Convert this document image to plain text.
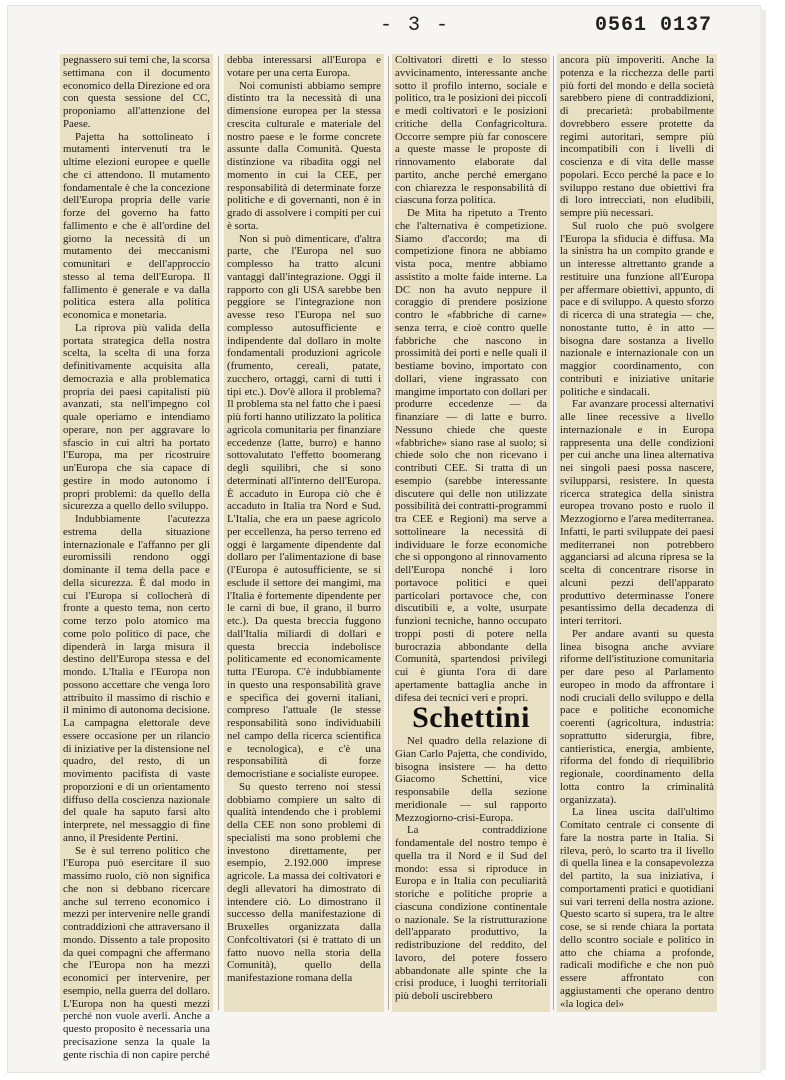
- 3 -	0561 0137

pegnassero sui temi che, la scorsa settimana con il documento economico della Direzione ed ora con questa sessione del CC, proponiamo all'attenzione del Paese.

Pajetta ha sottolineato i mutamenti intervenuti tra le ultime elezioni europee e quelle che ci attendono. Il mutamento fondamentale è che la concezione dell'Europa propria delle varie forze del governo ha fatto fallimento e che è all'ordine del giorno la necessità di un mutamento dei meccanismi comunitari e dell'approccio stesso al tema dell'Europa. Il fallimento è generale e va dalla politica estera alla politica economica e monetaria.

La riprova più valida della portata strategica della nostra scelta, la scelta di una forza definitivamente acquisita alla democrazia e alla problematica propria dei paesi capitalisti più avanzati, sta nell'impegno col quale operiamo e intendiamo operare, non per aggravare lo sfascio in cui altri ha portato l'Europa, ma per ricostruire un'Europa che sia capace di gestire in modo autonomo i propri problemi: da quello della sicurezza a quello dello sviluppo.

Indubbiamente l'acutezza estrema della situazione internazionale e l'affanno per gli euromissili rendono oggi dominante il tema della pace e della sicurezza. È dal modo in cui l'Europa si collocherà di fronte a questo tema, non certo come terzo polo atomico ma come polo politico di pace, che dipenderà in larga misura il destino dell'Europa stessa e del mondo. L'Italia e l'Europa non possono accettare che venga loro attribuito il massimo di rischio e il minimo di autonoma decisione. La campagna elettorale deve essere occasione per un rilancio di iniziative per la distensione nel quadro, del resto, di un movimento pacifista di vaste proporzioni e di un orientamento diffuso della coscienza nazionale del quale ha saputo farsi alto interprete, nel messaggio di fine anno, il Presidente Pertini.

Se è sul terreno politico che l'Europa può esercitare il suo massimo ruolo, ciò non significa che non si debbano ricercare anche sul terreno economico i mezzi per intervenire nelle grandi contraddizioni che attraversano il mondo. Dissento a tale proposito da quei compagni che affermano che l'Europa non ha mezzi economici per intervenire, per esempio, nella guerra del dollaro. L'Europa non ha questi mezzi perché non vuole averli. Anche a questo proposito è necessaria una precisazione senza la quale la gente rischia di non capire perché

debba interessarsi all'Europa e votare per una certa Europa.

Noi comunisti abbiamo sempre distinto tra la necessità di una dimensione europea per la stessa crescita culturale e materiale del nostro paese e le forme concrete assunte dalla Comunità. Questa distinzione va ribadita oggi nel momento in cui la CEE, per responsabilità di determinate forze politiche e di governanti, non è in grado di assolvere i compiti per cui è sorta.

Non si può dimenticare, d'altra parte, che l'Europa nel suo complesso ha tratto alcuni vantaggi dall'integrazione. Oggi il rapporto con gli USA sarebbe ben peggiore se l'integrazione non avesse reso l'Europa nel suo complesso autosufficiente e indipendente dal dollaro in molte fondamentali produzioni agricole (frumento, cereali, patate, zucchero, ortaggi, carni di tutti i tipi etc.). Dov'è allora il problema? Il problema sta nel fatto che i paesi più forti hanno utilizzato la politica agricola comunitaria per finanziare eccedenze (latte, burro) e hanno sottovalutato l'effetto boomerang degli squilibri, che si sono determinati all'interno dell'Europa. È accaduto in Europa ciò che è accaduto in Italia tra Nord e Sud. L'Italia, che era un paese agricolo per eccellenza, ha perso terreno ed oggi è largamente dipendente dal dollaro per l'alimentazione di base (l'Europa è autosufficiente, se si esclude il settore dei mangimi, ma l'Italia è fortemente dipendente per le carni di bue, il grano, il burro etc.). Da questa breccia fuggono dall'Italia miliardi di dollari e questa breccia indebolisce politicamente ed economicamente tutta l'Europa. C'è indubbiamente in questo una responsabilità grave e specifica dei governi italiani, compreso l'attuale (le stesse responsabilità sono individuabili nel campo della ricerca scientifica e tecnologica), e c'è una responsabilità di forze democristiane e socialiste europee.

Su questo terreno noi stessi dobbiamo compiere un salto di qualità intendendo che i problemi della CEE non sono problemi di specialisti ma sono problemi che investono direttamente, per esempio, 2.192.000 imprese agricole. La massa dei coltivatori e degli allevatori ha dimostrato di intendere ciò. Lo dimostrano il successo della manifestazione di Bruxelles organizzata dalla Confcoltivatori (si è trattato di un fatto nuovo nella storia della Comunità), quello della manifestazione romana della

Coltivatori diretti e lo stesso avvicinamento, interessante anche sotto il profilo interno, sociale e politico, tra le posizioni dei piccoli e medi coltivatori e le posizioni critiche della Confagricoltura. Occorre sempre più far conoscere a queste masse le proposte di rinnovamento elaborate dal partito, anche perché emergano con chiarezza le responsabilità di ciascuna forza politica.

De Mita ha ripetuto a Trento che l'alternativa è competizione. Siamo d'accordo; ma di competizione finora ne abbiamo vista poca, mentre abbiamo assistito a molte faide interne. La DC non ha avuto neppure il coraggio di prendere posizione contro le «fabbriche di carne» senza terra, e cioè contro quelle fabbriche che nascono in prossimità dei porti e nelle quali il bestiame bovino, importato con dollari, viene ingrassato con mangime importato con dollari per produrre eccedenze — da finanziare — di latte e burro. Nessuno chiede che queste «fabbriche» siano rase al suolo; si chiede solo che non ricevano i contributi CEE. Si tratta di un esempio (sarebbe interessante discutere qui delle non utilizzate possibilità dei contratti-programmi tra CEE e Regioni) ma serve a sottolineare la necessità di individuare le forze economiche che si oppongono al rinnovamento dell'Europa nonché i loro portavoce politici e quei particolari portavoce che, con discutibili e, a volte, usurpate funzioni tecniche, hanno occupato troppi posti di potere nella burocrazia abbondante della Comunità, spartendosi privilegi cui è giunta l'ora di dare apertamente battaglia anche in difesa dei tecnici veri e propri.

Schettini

Nel quadro della relazione di Gian Carlo Pajetta, che condivido, bisogna insistere — ha detto Giacomo Schettini, vice responsabile della sezione meridionale — sul rapporto Mezzogiorno-crisi-Europa.

La contraddizione fondamentale del nostro tempo è quella tra il Nord e il Sud del mondo: essa si riproduce in Europa e in Italia con peculiarità storiche e politiche proprie a ciascuna condizione continentale o nazionale. Se la ristrutturazione dell'apparato produttivo, la redistribuzione del reddito, del lavoro, del potere fossero abbandonate alle spinte che la crisi produce, i luoghi territoriali più deboli uscirebbero

ancora più impoveriti. Anche la potenza e la ricchezza delle parti più forti del mondo e della società sarebbero piene di contraddizioni, di precarietà: probabilmente dovrebbero essere protette da regimi autoritari, sempre più incompatibili con i livelli di coscienza e di vita delle masse popolari. Ecco perché la pace e lo sviluppo restano due obiettivi fra di loro intrecciati, non eludibili, sempre più necessari.

Sul ruolo che può svolgere l'Europa la sfiducia è diffusa. Ma la sinistra ha un compito grande e un interesse altrettanto grande a restituire una funzione all'Europa per affermare obiettivi, appunto, di pace e di sviluppo. A questo sforzo di ricerca di una strategia — che, nonostante tutto, è in atto — bisogna dare sostanza a livello nazionale e internazionale con un maggior coordinamento, con contributi e iniziative unitarie politiche e sindacali.

Far avanzare processi alternativi alle linee recessive a livello internazionale e in Europa rappresenta una delle condizioni per cui anche una linea alternativa nei singoli paesi possa nascere, svilupparsi, resistere. In questa ricerca strategica della sinistra europea trovano posto e ruolo il Mezzogiorno e l'area mediterranea. Infatti, le parti sviluppate dei paesi mediterranei non potrebbero agganciarsi ad alcuna ripresa se la scelta di concentrare risorse in alcuni pezzi dell'apparato produttivo determinasse l'onere pesantissimo della decadenza di interi territori.

Per andare avanti su questa linea bisogna anche avviare riforme dell'istituzione comunitaria per dare peso al Parlamento europeo in modo da affrontare i nodi cruciali dello sviluppo e della pace e politiche economiche coerenti (agricoltura, industria: soprattutto siderurgia, fibre, cantieristica, energia, ambiente, riforma del fondo di riequilibrio regionale, coordinamento della lotta contro la criminalità organizzata).

La linea uscita dall'ultimo Comitato centrale ci consente di fare la nostra parte in Italia. Si rileva, però, lo scarto tra il livello di quella linea e la consapevolezza del partito, la sua iniziativa, i comportamenti pratici e quotidiani sui vari terreni della nostra azione. Questo scarto si supera, tra le altre cose, se si rende chiara la portata dello scontro sociale e politico in atto che chiama a profonde, radicali modifiche e che non può essere affrontato con aggiustamenti che operano dentro «la logica del»
